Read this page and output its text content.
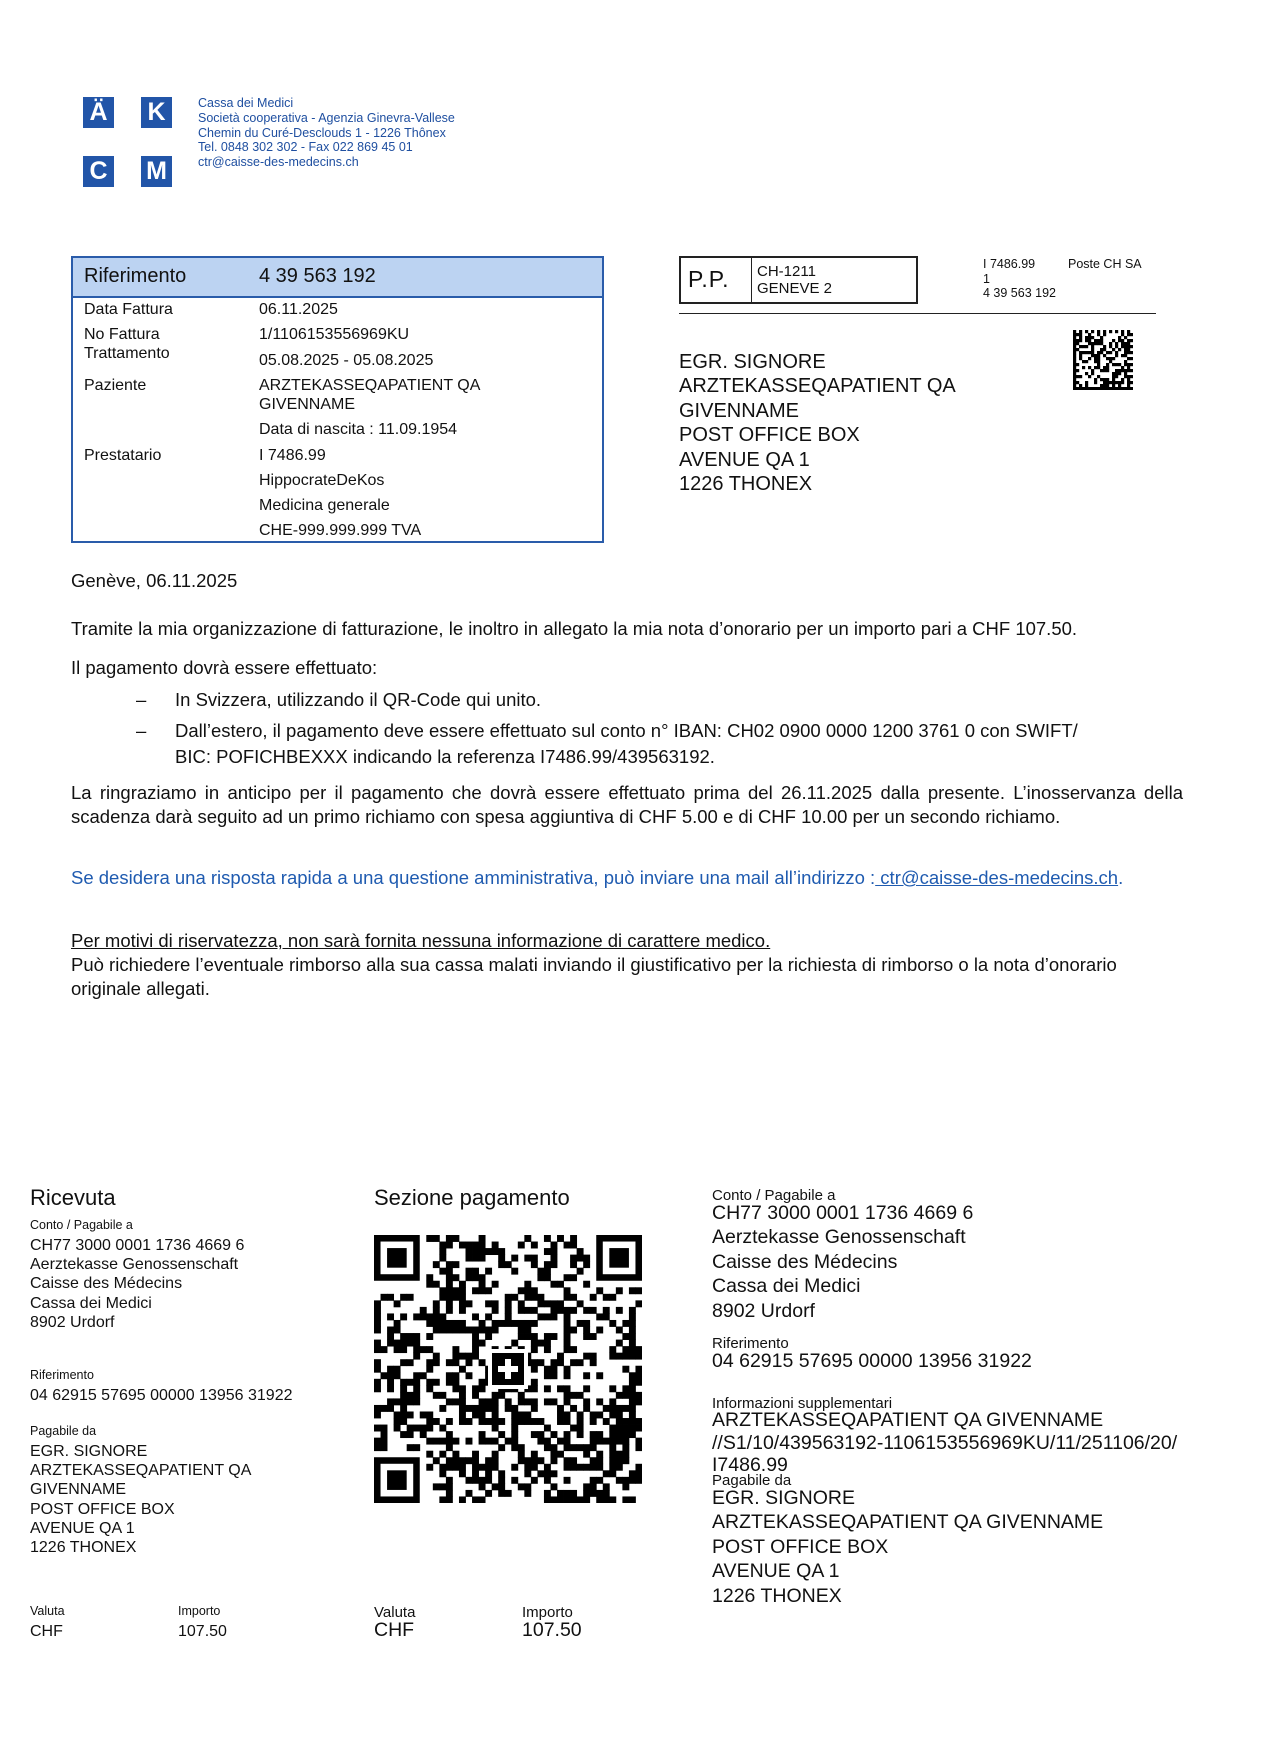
Ä K
C M
Cassa dei Medici
Società cooperativa - Agenzia Ginevra-Vallese
Chemin du Curé-Desclouds 1 - 1226 Thônex
Tel. 0848 302 302 - Fax 022 869 45 01
ctr@caisse-des-medecins.ch
Riferimento	4 39 563 192
Data Fattura	06.11.2025
No Fattura	1/1106153556969KU
Trattamento	05.08.2025 - 05.08.2025
Paziente	ARZTEKASSEQAPATIENT QA
GIVENNAME
Data di nascita : 11.09.1954
Prestatario	I 7486.99
HippocrateDeKos
Medicina generale
CHE-999.999.999 TVA
P.P. CH-1211
GENEVE 2
I 7486.99
1
4 39 563 192
Poste CH SA
EGR. SIGNORE
ARZTEKASSEQAPATIENT QA
GIVENNAME
POST OFFICE BOX
AVENUE QA 1
1226 THONEX
Genève, 06.11.2025
Tramite la mia organizzazione di fatturazione, le inoltro in allegato la mia nota d’onorario per un importo pari a CHF 107.50.
Il pagamento dovrà essere effettuato:
– In Svizzera, utilizzando il QR-Code qui unito.
– Dall’estero, il pagamento deve essere effettuato sul conto n° IBAN: CH02 0900 0000 1200 3761 0 con SWIFT/
BIC: POFICHBEXXX indicando la referenza I7486.99/439563192.
La ringraziamo in anticipo per il pagamento che dovrà essere effettuato prima del 26.11.2025 dalla presente. L’inosservanza della scadenza darà seguito ad un primo richiamo con spesa aggiuntiva di CHF 5.00 e di CHF 10.00 per un secondo richiamo.
Se desidera una risposta rapida a una questione amministrativa, può inviare una mail all’indirizzo : ctr@caisse-des-medecins.ch.
Per motivi di riservatezza, non sarà fornita nessuna informazione di carattere medico.
Può richiedere l’eventuale rimborso alla sua cassa malati inviando il giustificativo per la richiesta di rimborso o la nota d’onorario originale allegati.
Ricevuta
Conto / Pagabile a
CH77 3000 0001 1736 4669 6
Aerztekasse Genossenschaft
Caisse des Médecins
Cassa dei Medici
8902 Urdorf
Riferimento
04 62915 57695 00000 13956 31922
Pagabile da
EGR. SIGNORE
ARZTEKASSEQAPATIENT QA
GIVENNAME
POST OFFICE BOX
AVENUE QA 1
1226 THONEX
Valuta
CHF
Importo
107.50
Sezione pagamento
Valuta
CHF
Importo
107.50
Conto / Pagabile a
CH77 3000 0001 1736 4669 6
Aerztekasse Genossenschaft
Caisse des Médecins
Cassa dei Medici
8902 Urdorf
Riferimento
04 62915 57695 00000 13956 31922
Informazioni supplementari
ARZTEKASSEQAPATIENT QA GIVENNAME
//S1/10/439563192-1106153556969KU/11/251106/20/
I7486.99
Pagabile da
EGR. SIGNORE
ARZTEKASSEQAPATIENT QA GIVENNAME
POST OFFICE BOX
AVENUE QA 1
1226 THONEX
